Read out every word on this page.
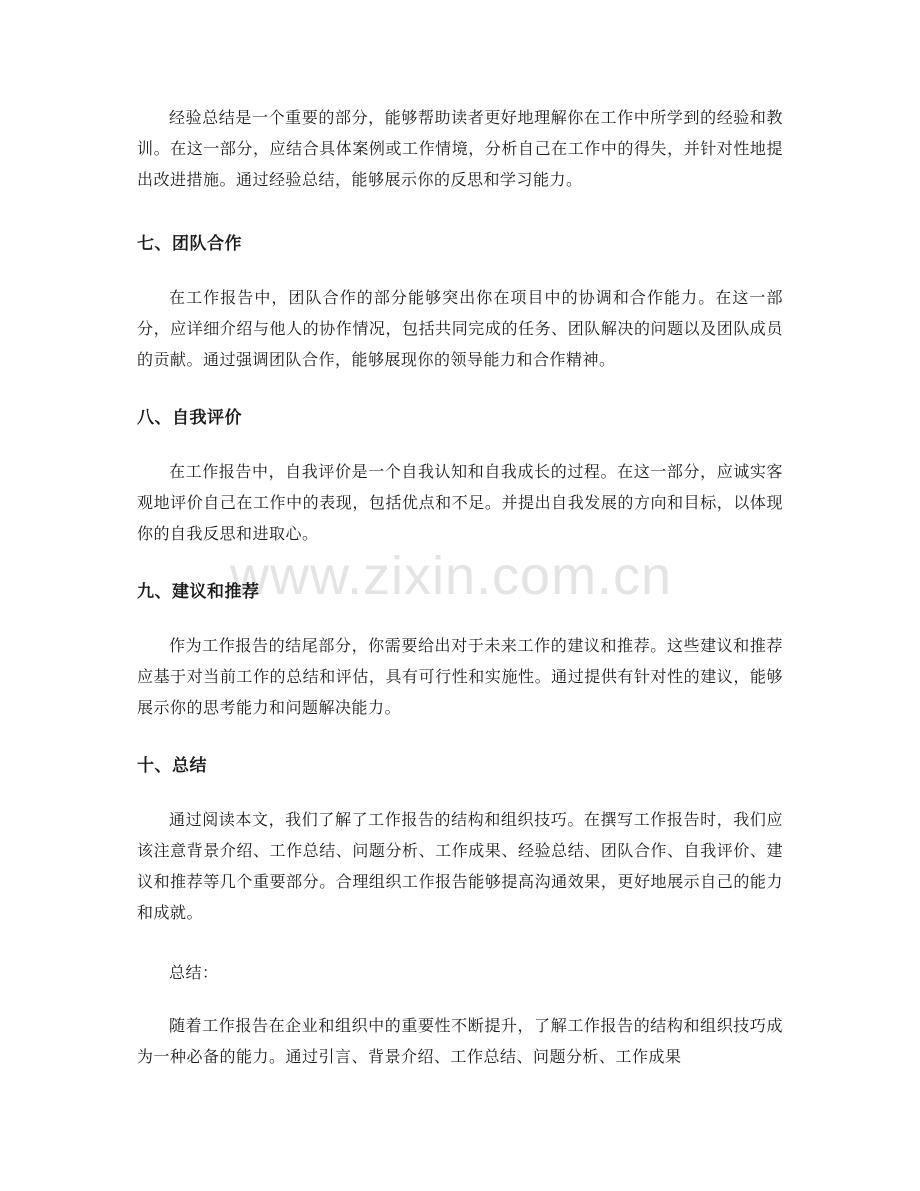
www.zixin.com.cn

经验总结是一个重要的部分，能够帮助读者更好地理解你在工作中所学到的经验和教训。在这一部分，应结合具体案例或工作情境，分析自己在工作中的得失，并针对性地提出改进措施。通过经验总结，能够展示你的反思和学习能力。

七、团队合作

在工作报告中，团队合作的部分能够突出你在项目中的协调和合作能力。在这一部分，应详细介绍与他人的协作情况，包括共同完成的任务、团队解决的问题以及团队成员的贡献。通过强调团队合作，能够展现你的领导能力和合作精神。

八、自我评价

在工作报告中，自我评价是一个自我认知和自我成长的过程。在这一部分，应诚实客观地评价自己在工作中的表现，包括优点和不足。并提出自我发展的方向和目标，以体现你的自我反思和进取心。

九、建议和推荐

作为工作报告的结尾部分，你需要给出对于未来工作的建议和推荐。这些建议和推荐应基于对当前工作的总结和评估，具有可行性和实施性。通过提供有针对性的建议，能够展示你的思考能力和问题解决能力。

十、总结

通过阅读本文，我们了解了工作报告的结构和组织技巧。在撰写工作报告时，我们应该注意背景介绍、工作总结、问题分析、工作成果、经验总结、团队合作、自我评价、建议和推荐等几个重要部分。合理组织工作报告能够提高沟通效果，更好地展示自己的能力和成就。

总结：

随着工作报告在企业和组织中的重要性不断提升，了解工作报告的结构和组织技巧成为一种必备的能力。通过引言、背景介绍、工作总结、问题分析、工作成果
